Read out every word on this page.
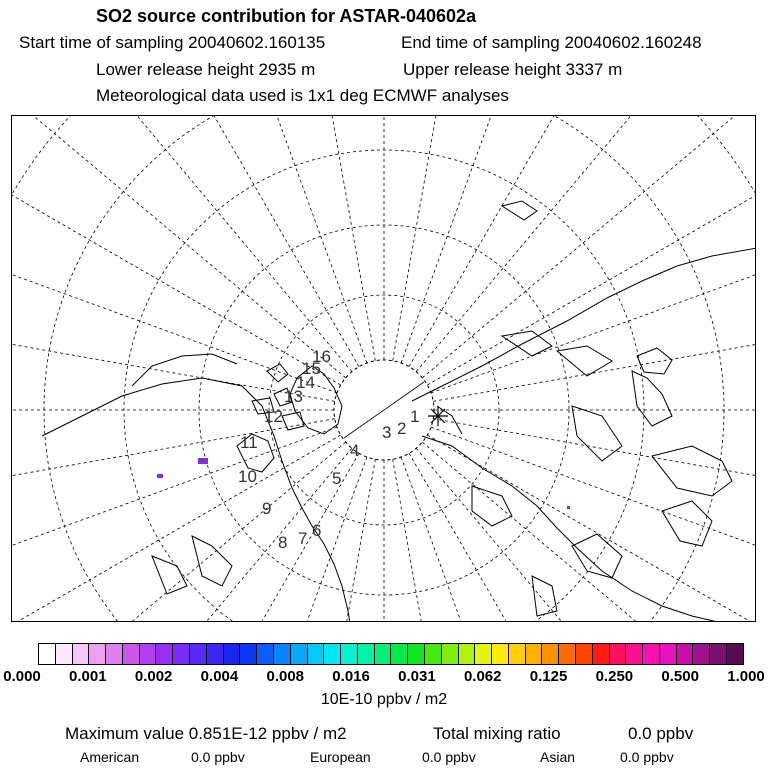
SO2 source contribution for ASTAR-040602a
Start time of sampling 20040602.160135	End time of sampling 20040602.160248
Lower release height 2935 m	Upper release height 3337 m
Meteorological data used is 1x1 deg ECMWF analyses
1
2
3
4
5
6
7
8
9
10
11
12
13
14
15
16
0.000 0.001 0.002 0.004 0.008 0.016 0.031 0.062 0.125 0.250 0.500 1.000
10E-10 ppbv / m2
Maximum value 0.851E-12 ppbv / m2	Total mixing ratio	0.0 ppbv
American	0.0 ppbv	European	0.0 ppbv	Asian	0.0 ppbv
